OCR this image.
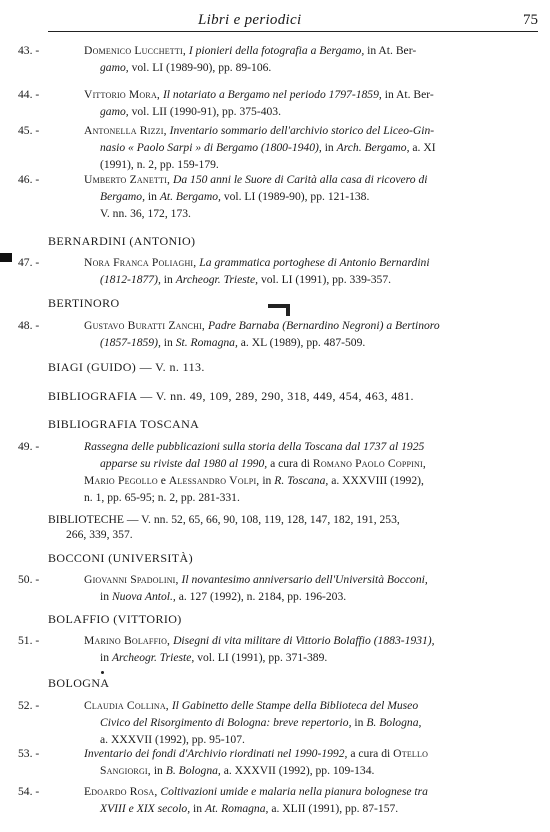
Libri e periodici	75
43. -	Domenico Lucchetti, I pionieri della fotografia a Bergamo, in At. Ber-
gamo, vol. LI (1989-90), pp. 89-106.
44. -	Vittorio Mora, Il notariato a Bergamo nel periodo 1797-1859, in At. Ber-
gamo, vol. LII (1990-91), pp. 375-403.
45. -	Antonella Rizzi, Inventario sommario dell'archivio storico del Liceo-Gin-
nasio « Paolo Sarpi » di Bergamo (1800-1940), in Arch. Bergamo, a. XI
(1991), n. 2, pp. 159-179.
46. -	Umberto Zanetti, Da 150 anni le Suore di Carità alla casa di ricovero di
Bergamo, in At. Bergamo, vol. LI (1989-90), pp. 121-138.
V. nn. 36, 172, 173.
BERNARDINI (ANTONIO)
47. -	Nora Franca Poliaghi, La grammatica portoghese di Antonio Bernardini
(1812-1877), in Archeogr. Trieste, vol. LI (1991), pp. 339-357.
BERTINORO
48. -	Gustavo Buratti Zanchi, Padre Barnaba (Bernardino Negroni) a Bertinoro
(1857-1859), in St. Romagna, a. XL (1989), pp. 487-509.
BIAGI (GUIDO) — V. n. 113.
BIBLIOGRAFIA — V. nn. 49, 109, 289, 290, 318, 449, 454, 463, 481.
BIBLIOGRAFIA TOSCANA
49. -	Rassegna delle pubblicazioni sulla storia della Toscana dal 1737 al 1925
apparse su riviste dal 1980 al 1990, a cura di Romano Paolo Coppini,
Mario Pegollo e Alessandro Volpi, in R. Toscana, a. XXXVIII (1992),
n. 1, pp. 65-95; n. 2, pp. 281-331.
BIBLIOTECHE — V. nn. 52, 65, 66, 90, 108, 119, 128, 147, 182, 191, 253,
266, 339, 357.
BOCCONI (UNIVERSITÀ)
50. -	Giovanni Spadolini, Il novantesimo anniversario dell'Università Bocconi,
in Nuova Antol., a. 127 (1992), n. 2184, pp. 196-203.
BOLAFFIO (VITTORIO)
51. -	Marino Bolaffio, Disegni di vita militare di Vittorio Bolaffio (1883-1931),
in Archeogr. Trieste, vol. LI (1991), pp. 371-389.
BOLOGNA
52. -	Claudia Collina, Il Gabinetto delle Stampe della Biblioteca del Museo
Civico del Risorgimento di Bologna: breve repertorio, in B. Bologna,
a. XXXVII (1992), pp. 95-107.
53. -	Inventario dei fondi d'Archivio riordinati nel 1990-1992, a cura di Otello
Sangiorgi, in B. Bologna, a. XXXVII (1992), pp. 109-134.
54. -	Edoardo Rosa, Coltivazioni umide e malaria nella pianura bolognese tra
XVIII e XIX secolo, in At. Romagna, a. XLII (1991), pp. 87-157.
